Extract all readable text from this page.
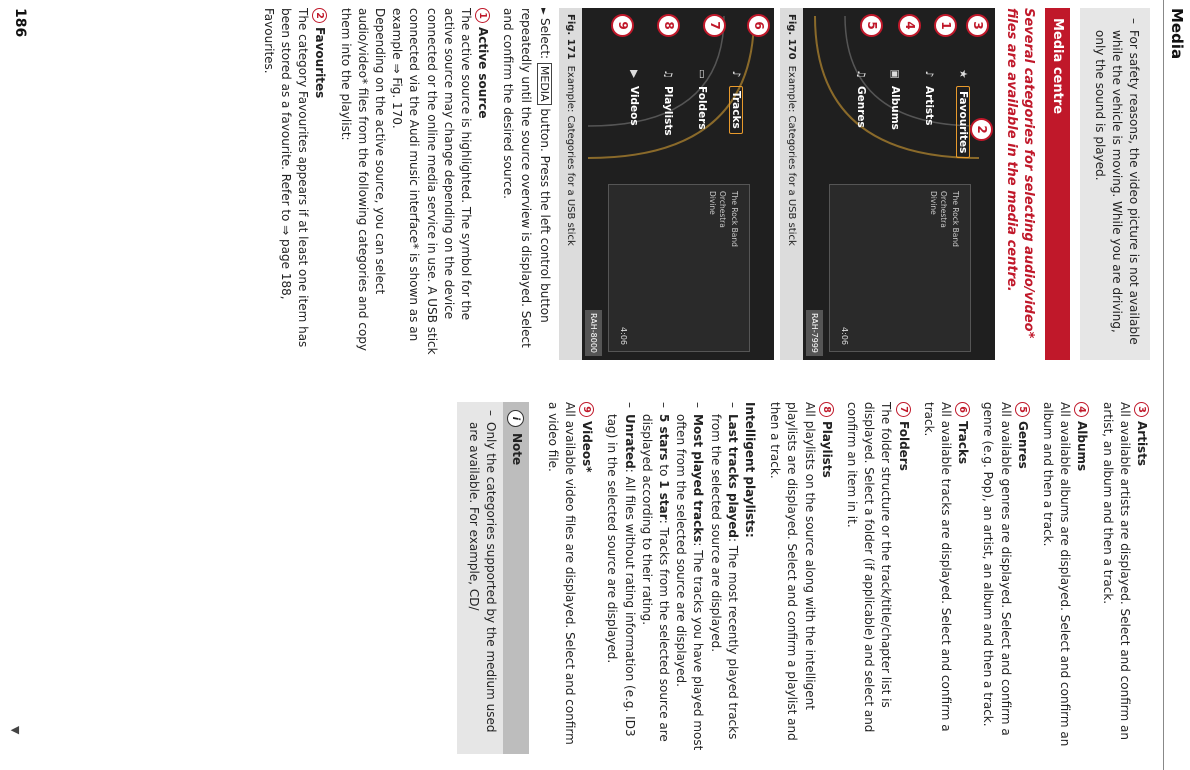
Media
– For safety reasons, the video picture is not available while the vehicle is moving. While you are driving, only the sound is played.
Media centre
Several categories for selecting audio/video* files are available in the media centre.
2
3
1
4
5
★Favourites
♪Artists
▣Albums
♫Genres
The Rock Band
Orchestra
Divine
4:06
RAH-7999
Fig. 170Example: Categories for a USB stick
6
7
8
9
♪Tracks
▭Folders
♫Playlists
▶Videos
The Rock Band
Orchestra
Divine
4:06
RAH-8000
Fig. 171Example: Categories for a USB stick
►Select: MEDIA button. Press the left control button repeatedly until the source overview is displayed. Select and confirm the desired source.
1Active source

The active source is highlighted. The symbol for the active source may change depending on the device connected or the online media service in use. A USB stick connected via the Audi music interface* is shown as an example ⇒ Fig. 170.

Depending on the active source, you can select audio/video* files from the following categories and copy them into the playlist:

2Favourites

The category Favourites appears if at least one item has been stored as a favourite. Refer to ⇒ page 188, Favourites.

3Artists

All available artists are displayed. Select and confirm an artist, an album and then a track.

4Albums

All available albums are displayed. Select and confirm an album and then a track.

5Genres

All available genres are displayed. Select and confirm a genre (e.g. Pop), an artist, an album and then a track.

6Tracks

All available tracks are displayed. Select and confirm a track.

7Folders

The folder structure or the track/title/chapter list is displayed. Select a folder (if applicable) and select and confirm an item in it.

8Playlists

All playlists on the source along with the intelligent playlists are displayed. Select and confirm a playlist and then a track.

Intelligent playlists:
– Last tracks played: The most recently played tracks from the selected source are displayed.
– Most played tracks: The tracks you have played most often from the selected source are displayed.
– 5 stars to 1 star: Tracks from the selected source are displayed according to their rating.
– Unrated: All files without rating information (e.g. ID3 tag) in the selected source are displayed.
9Videos*

All available video files are displayed. Select and confirm a video file.

iNote
– Only the categories supported by the medium used are available. For example, CD/
▼
186
